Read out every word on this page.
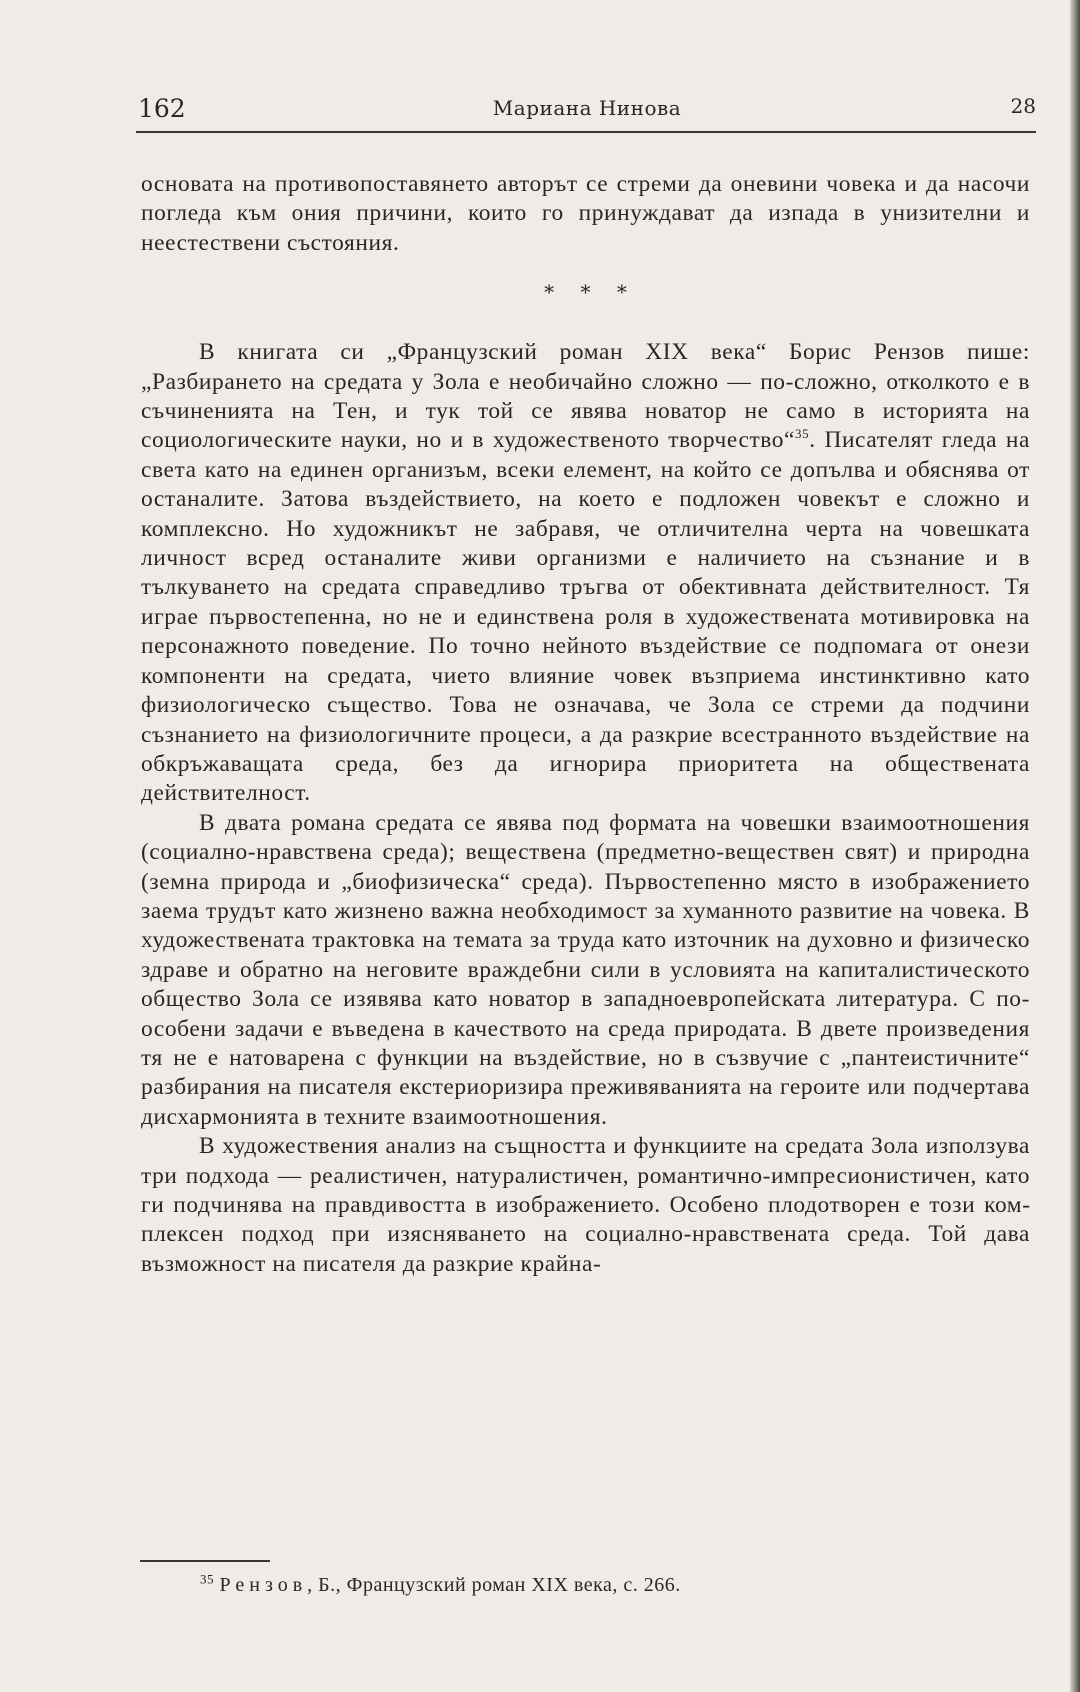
162	Мариана Нинова	28

основата на противопоставянето авторът се стреми да оневини човека и да насочи погледа към ония причини, които го принуждават да изпада в унизителни и неестествени състояния.

* * *

В книгата си „Французский роман XIX века“ Борис Рензов пише: „Разбирането на средата у Зола е необичайно сложно — по-сложно, отколкото е в съчиненията на Тен, и тук той се явява новатор не само в историята на социологическите науки, но и в художественото творчество“$^{35}$. Писателят гледа на света като на единен организъм, всеки елемент, на който се допълва и обяснява от останалите. Затова въздействието, на което е подложен човекът е сложно и комплексно. Но художникът не забравя, че отличителна черта на човешката личност всред останалите живи организми е наличието на съзнание и в тълкуването на средата справедливо тръгва от обективната действителност. Тя играе първостепенна, но не и единствена роля в художествената мотивировка на персонажното поведение. По точно нейното въздействие се подпомага от онези компоненти на средата, чието влияние човек възприема инстинктивно като физиологическо същество. Това не означава, че Зола се стреми да подчини съзнанието на физиологичните процеси, а да разкрие всестранното въздействие на обкръжаващата среда, без да игнорира приоритета на обществената действителност.

В двата романа средата се явява под формата на човешки взаимоотношения (социално-нравствена среда); веществена (предметно-веществен свят) и природна (земна природа и „биофизическа“ среда). Първостепенно място в изображението заема трудът като жизнено важна необходимост за хуманното развитие на човека. В художествената трактовка на темата за труда като източник на духовно и физическо здраве и обратно на неговите враждебни сили в условията на капиталистическото общество Зола се изявява като новатор в западноевропейската литература. С по-особени задачи е въведена в качеството на среда природата. В двете произведения тя не е натоварена с функции на въздействие, но в съзвучие с „пантеистичните“ разбирания на писателя екстериоризира преживяванията на героите или подчертава дисхармонията в техните взаимоотношения.

В художествения анализ на същността и функциите на средата Зола използува три подхода — реалистичен, натуралистичен, романтично-импресионистичен, като ги подчинява на правдивостта в изображението. Особено плодотворен е този комплексен подход при изясняването на социално-нравствената среда. Той дава възможност на писателя да разкрие крайна-

$^{35}$ Рензов, Б., Французский роман XIX века, с. 266.
